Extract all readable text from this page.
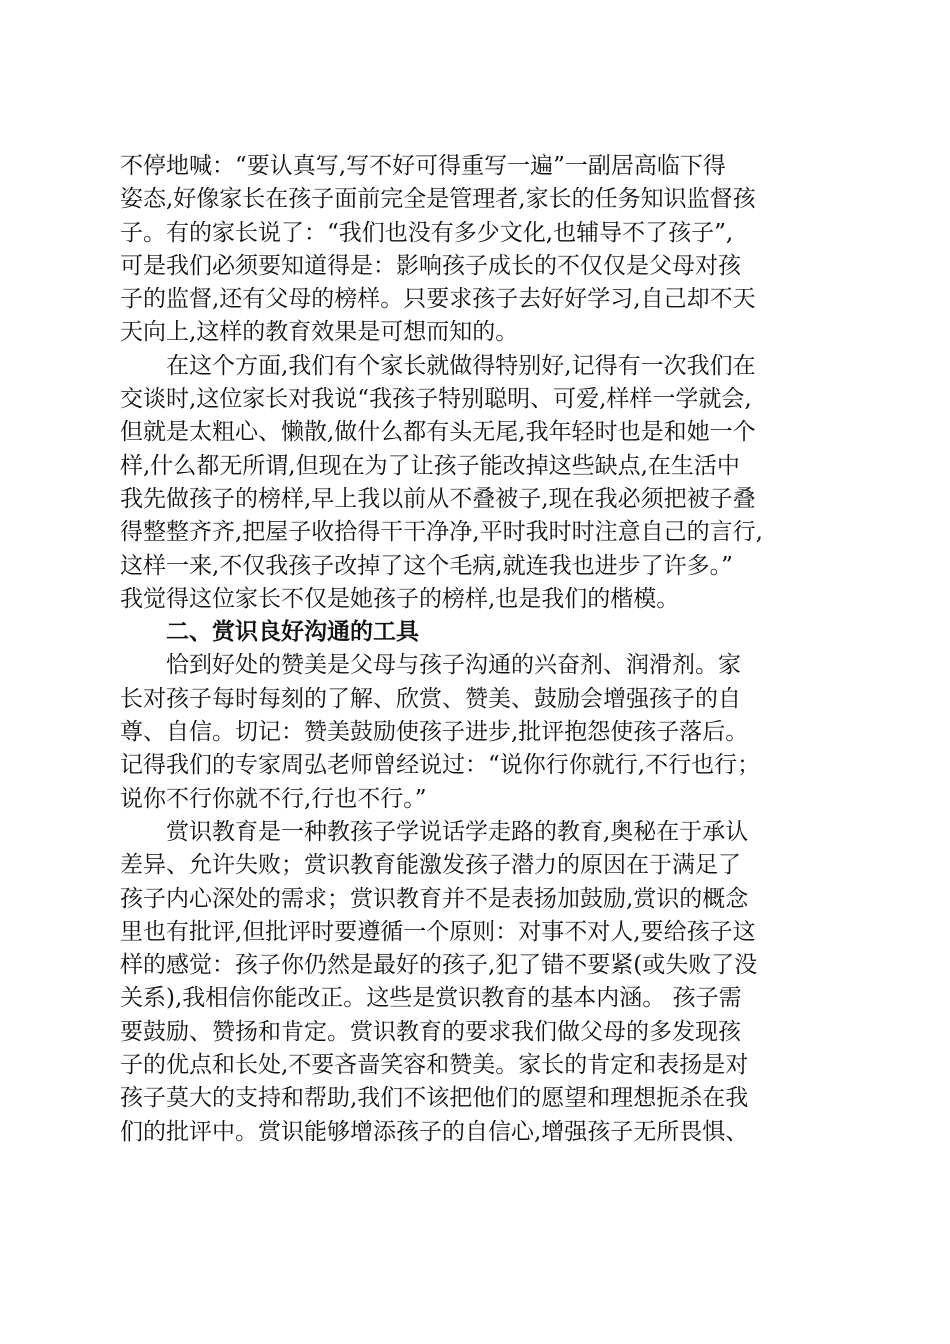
不停地喊：“要认真写,写不好可得重写一遍”一副居高临下得
姿态,好像家长在孩子面前完全是管理者,家长的任务知识监督孩
子。有的家长说了：“我们也没有多少文化,也辅导不了孩子”,
可是我们必须要知道得是：影响孩子成长的不仅仅是父母对孩
子的监督,还有父母的榜样。只要求孩子去好好学习,自己却不天
天向上,这样的教育效果是可想而知的。
在这个方面,我们有个家长就做得特别好,记得有一次我们在
交谈时,这位家长对我说“我孩子特别聪明、可爱,样样一学就会,
但就是太粗心、懒散,做什么都有头无尾,我年轻时也是和她一个
样,什么都无所谓,但现在为了让孩子能改掉这些缺点,在生活中
我先做孩子的榜样,早上我以前从不叠被子,现在我必须把被子叠
得整整齐齐,把屋子收拾得干干净净,平时我时时注意自己的言行,
这样一来,不仅我孩子改掉了这个毛病,就连我也进步了许多。”
我觉得这位家长不仅是她孩子的榜样,也是我们的楷模。
二、赏识良好沟通的工具
恰到好处的赞美是父母与孩子沟通的兴奋剂、润滑剂。家
长对孩子每时每刻的了解、欣赏、赞美、鼓励会增强孩子的自
尊、自信。切记：赞美鼓励使孩子进步,批评抱怨使孩子落后。
记得我们的专家周弘老师曾经说过：“说你行你就行,不行也行；
说你不行你就不行,行也不行。”
赏识教育是一种教孩子学说话学走路的教育,奥秘在于承认
差异、允许失败；赏识教育能激发孩子潜力的原因在于满足了
孩子内心深处的需求；赏识教育并不是表扬加鼓励,赏识的概念
里也有批评,但批评时要遵循一个原则：对事不对人,要给孩子这
样的感觉：孩子你仍然是最好的孩子,犯了错不要紧(或失败了没
关系),我相信你能改正。这些是赏识教育的基本内涵。 孩子需
要鼓励、赞扬和肯定。赏识教育的要求我们做父母的多发现孩
子的优点和长处,不要吝啬笑容和赞美。家长的肯定和表扬是对
孩子莫大的支持和帮助,我们不该把他们的愿望和理想扼杀在我
们的批评中。赏识能够增添孩子的自信心,增强孩子无所畏惧、
